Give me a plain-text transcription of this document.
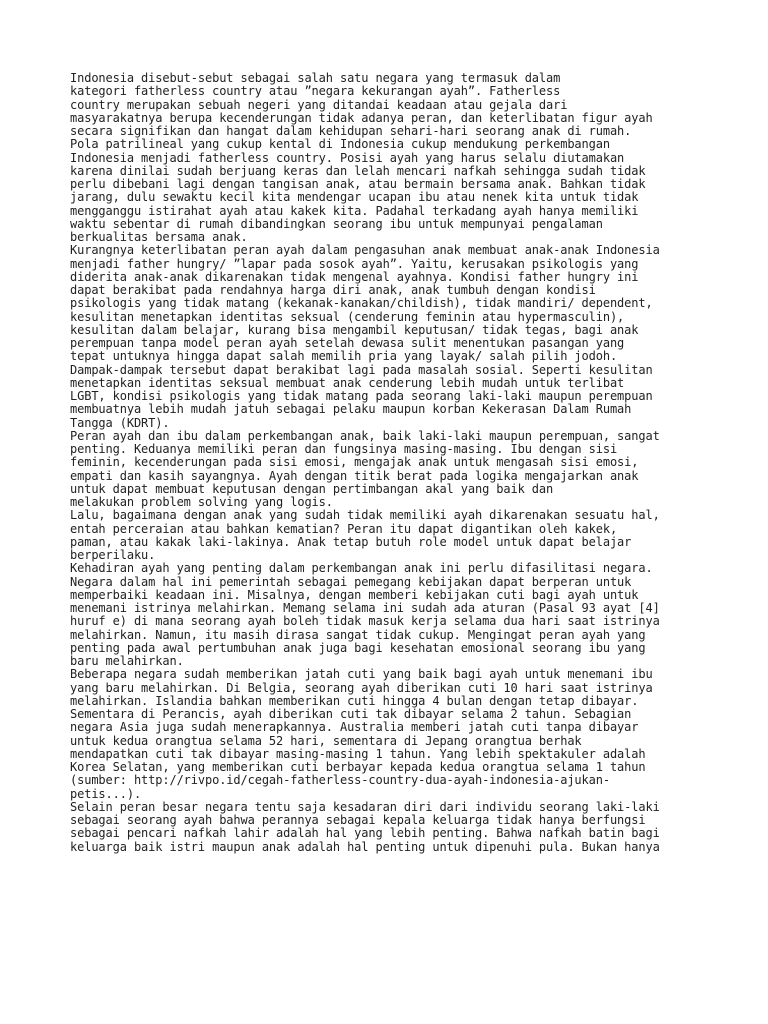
Indonesia disebut-sebut sebagai salah satu negara yang termasuk dalam
kategori fatherless country atau ”negara kekurangan ayah”. Fatherless
country merupakan sebuah negeri yang ditandai keadaan atau gejala dari
masyarakatnya berupa kecenderungan tidak adanya peran, dan keterlibatan figur ayah
secara signifikan dan hangat dalam kehidupan sehari-hari seorang anak di rumah.
Pola patrilineal yang cukup kental di Indonesia cukup mendukung perkembangan
Indonesia menjadi fatherless country. Posisi ayah yang harus selalu diutamakan
karena dinilai sudah berjuang keras dan lelah mencari nafkah sehingga sudah tidak
perlu dibebani lagi dengan tangisan anak, atau bermain bersama anak. Bahkan tidak
jarang, dulu sewaktu kecil kita mendengar ucapan ibu atau nenek kita untuk tidak
mengganggu istirahat ayah atau kakek kita. Padahal terkadang ayah hanya memiliki
waktu sebentar di rumah dibandingkan seorang ibu untuk mempunyai pengalaman
berkualitas bersama anak.
Kurangnya keterlibatan peran ayah dalam pengasuhan anak membuat anak-anak Indonesia
menjadi father hungry/ ”lapar pada sosok ayah”. Yaitu, kerusakan psikologis yang
diderita anak-anak dikarenakan tidak mengenal ayahnya. Kondisi father hungry ini
dapat berakibat pada rendahnya harga diri anak, anak tumbuh dengan kondisi
psikologis yang tidak matang (kekanak-kanakan/childish), tidak mandiri/ dependent,
kesulitan menetapkan identitas seksual (cenderung feminin atau hypermasculin),
kesulitan dalam belajar, kurang bisa mengambil keputusan/ tidak tegas, bagi anak
perempuan tanpa model peran ayah setelah dewasa sulit menentukan pasangan yang
tepat untuknya hingga dapat salah memilih pria yang layak/ salah pilih jodoh.
Dampak-dampak tersebut dapat berakibat lagi pada masalah sosial. Seperti kesulitan
menetapkan identitas seksual membuat anak cenderung lebih mudah untuk terlibat
LGBT, kondisi psikologis yang tidak matang pada seorang laki-laki maupun perempuan
membuatnya lebih mudah jatuh sebagai pelaku maupun korban Kekerasan Dalam Rumah
Tangga (KDRT).
Peran ayah dan ibu dalam perkembangan anak, baik laki-laki maupun perempuan, sangat
penting. Keduanya memiliki peran dan fungsinya masing-masing. Ibu dengan sisi
feminin, kecenderungan pada sisi emosi, mengajak anak untuk mengasah sisi emosi,
empati dan kasih sayangnya. Ayah dengan titik berat pada logika mengajarkan anak
untuk dapat membuat keputusan dengan pertimbangan akal yang baik dan
melakukan problem solving yang logis.
Lalu, bagaimana dengan anak yang sudah tidak memiliki ayah dikarenakan sesuatu hal,
entah perceraian atau bahkan kematian? Peran itu dapat digantikan oleh kakek,
paman, atau kakak laki-lakinya. Anak tetap butuh role model untuk dapat belajar
berperilaku.
Kehadiran ayah yang penting dalam perkembangan anak ini perlu difasilitasi negara.
Negara dalam hal ini pemerintah sebagai pemegang kebijakan dapat berperan untuk
memperbaiki keadaan ini. Misalnya, dengan memberi kebijakan cuti bagi ayah untuk
menemani istrinya melahirkan. Memang selama ini sudah ada aturan (Pasal 93 ayat [4]
huruf e) di mana seorang ayah boleh tidak masuk kerja selama dua hari saat istrinya
melahirkan. Namun, itu masih dirasa sangat tidak cukup. Mengingat peran ayah yang
penting pada awal pertumbuhan anak juga bagi kesehatan emosional seorang ibu yang
baru melahirkan.
Beberapa negara sudah memberikan jatah cuti yang baik bagi ayah untuk menemani ibu
yang baru melahirkan. Di Belgia, seorang ayah diberikan cuti 10 hari saat istrinya
melahirkan. Islandia bahkan memberikan cuti hingga 4 bulan dengan tetap dibayar.
Sementara di Perancis, ayah diberikan cuti tak dibayar selama 2 tahun. Sebagian
negara Asia juga sudah menerapkannya. Australia memberi jatah cuti tanpa dibayar
untuk kedua orangtua selama 52 hari, sementara di Jepang orangtua berhak
mendapatkan cuti tak dibayar masing-masing 1 tahun. Yang lebih spektakuler adalah
Korea Selatan, yang memberikan cuti berbayar kepada kedua orangtua selama 1 tahun
(sumber: http://rivpo.id/cegah-fatherless-country-dua-ayah-indonesia-ajukan-
petis...).
Selain peran besar negara tentu saja kesadaran diri dari individu seorang laki-laki
sebagai seorang ayah bahwa perannya sebagai kepala keluarga tidak hanya berfungsi
sebagai pencari nafkah lahir adalah hal yang lebih penting. Bahwa nafkah batin bagi
keluarga baik istri maupun anak adalah hal penting untuk dipenuhi pula. Bukan hanya
